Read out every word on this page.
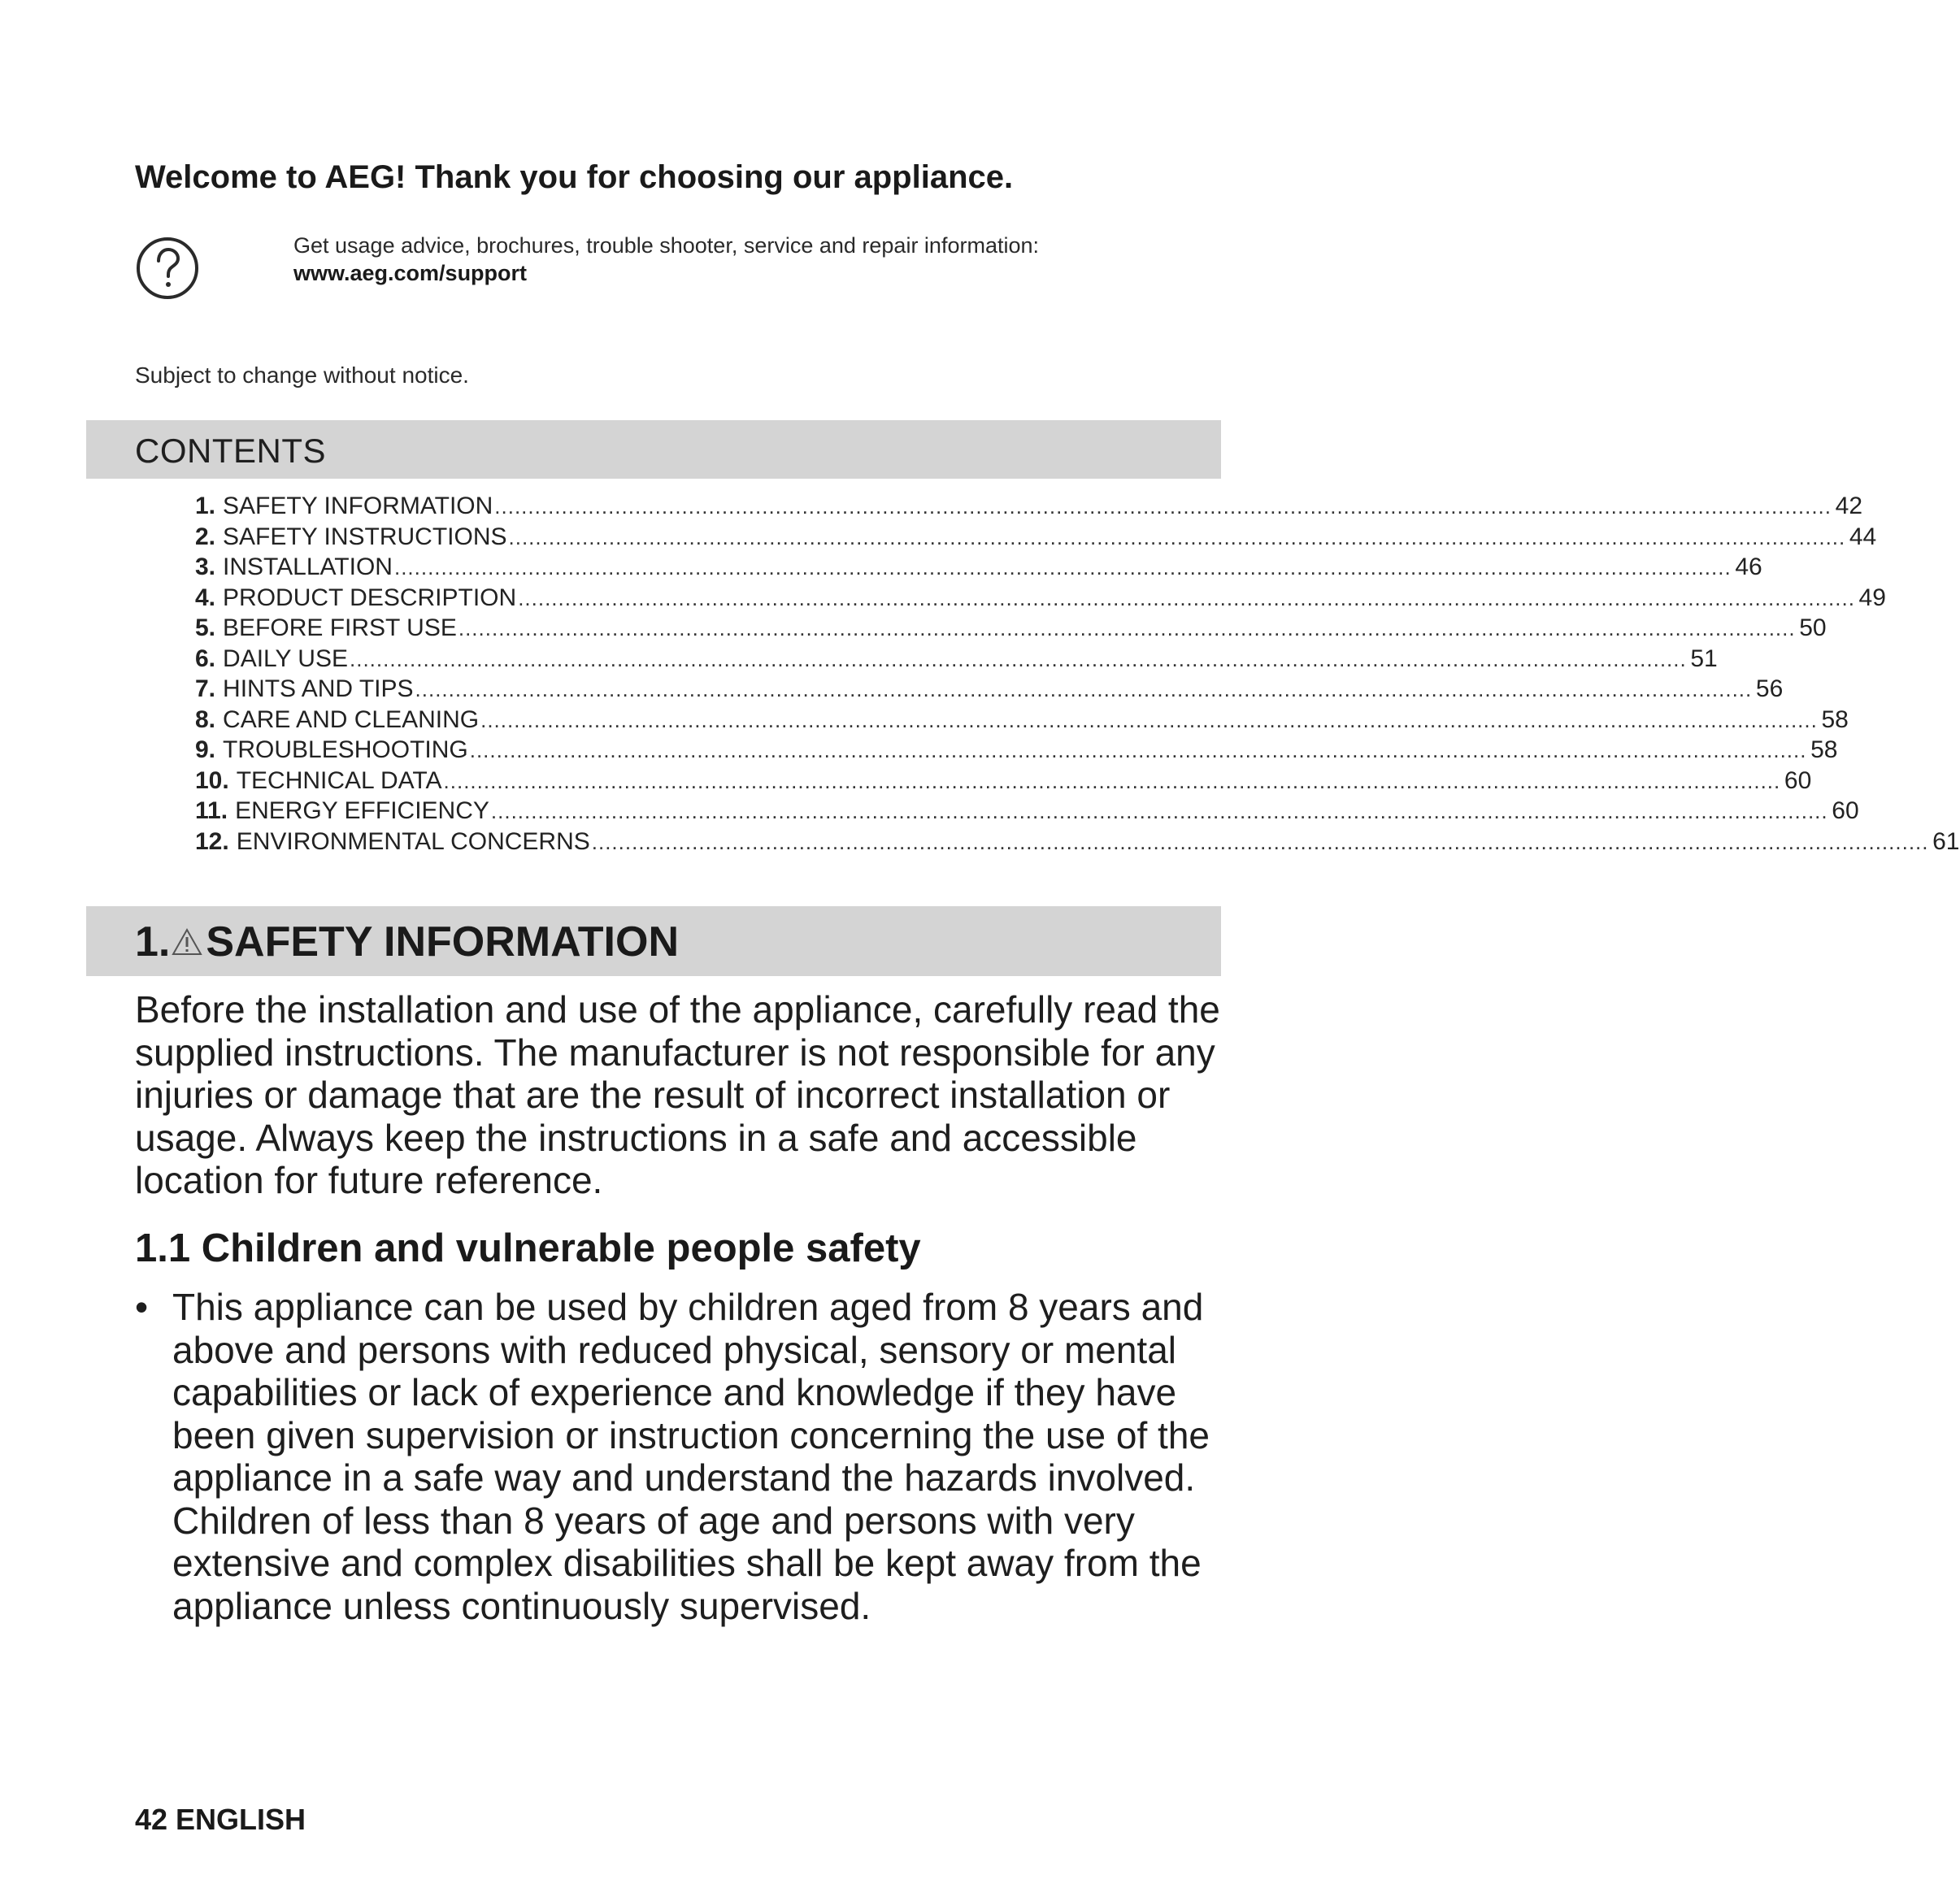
Welcome to AEG! Thank you for choosing our appliance.
Get usage advice, brochures, trouble shooter, service and repair information:
www.aeg.com/support
Subject to change without notice.
CONTENTS
1. SAFETY INFORMATION ........................................................................................................................................................................................................ 42
2. SAFETY INSTRUCTIONS ........................................................................................................................................................................................................ 44
3. INSTALLATION ........................................................................................................................................................................................................ 46
4. PRODUCT DESCRIPTION ........................................................................................................................................................................................................ 49
5. BEFORE FIRST USE ........................................................................................................................................................................................................ 50
6. DAILY USE ........................................................................................................................................................................................................ 51
7. HINTS AND TIPS ........................................................................................................................................................................................................ 56
8. CARE AND CLEANING ........................................................................................................................................................................................................ 58
9. TROUBLESHOOTING ........................................................................................................................................................................................................ 58
10. TECHNICAL DATA ........................................................................................................................................................................................................ 60
11. ENERGY EFFICIENCY ........................................................................................................................................................................................................ 60
12. ENVIRONMENTAL CONCERNS ........................................................................................................................................................................................................ 61
1. SAFETY INFORMATION
Before the installation and use of the appliance, carefully read the supplied instructions. The manufacturer is not responsible for any injuries or damage that are the result of incorrect installation or usage. Always keep the instructions in a safe and accessible location for future reference.
1.1 Children and vulnerable people safety
• This appliance can be used by children aged from 8 years and above and persons with reduced physical, sensory or mental capabilities or lack of experience and knowledge if they have been given supervision or instruction concerning the use of the appliance in a safe way and understand the hazards involved. Children of less than 8 years of age and persons with very extensive and complex disabilities shall be kept away from the appliance unless continuously supervised.
42 ENGLISH
